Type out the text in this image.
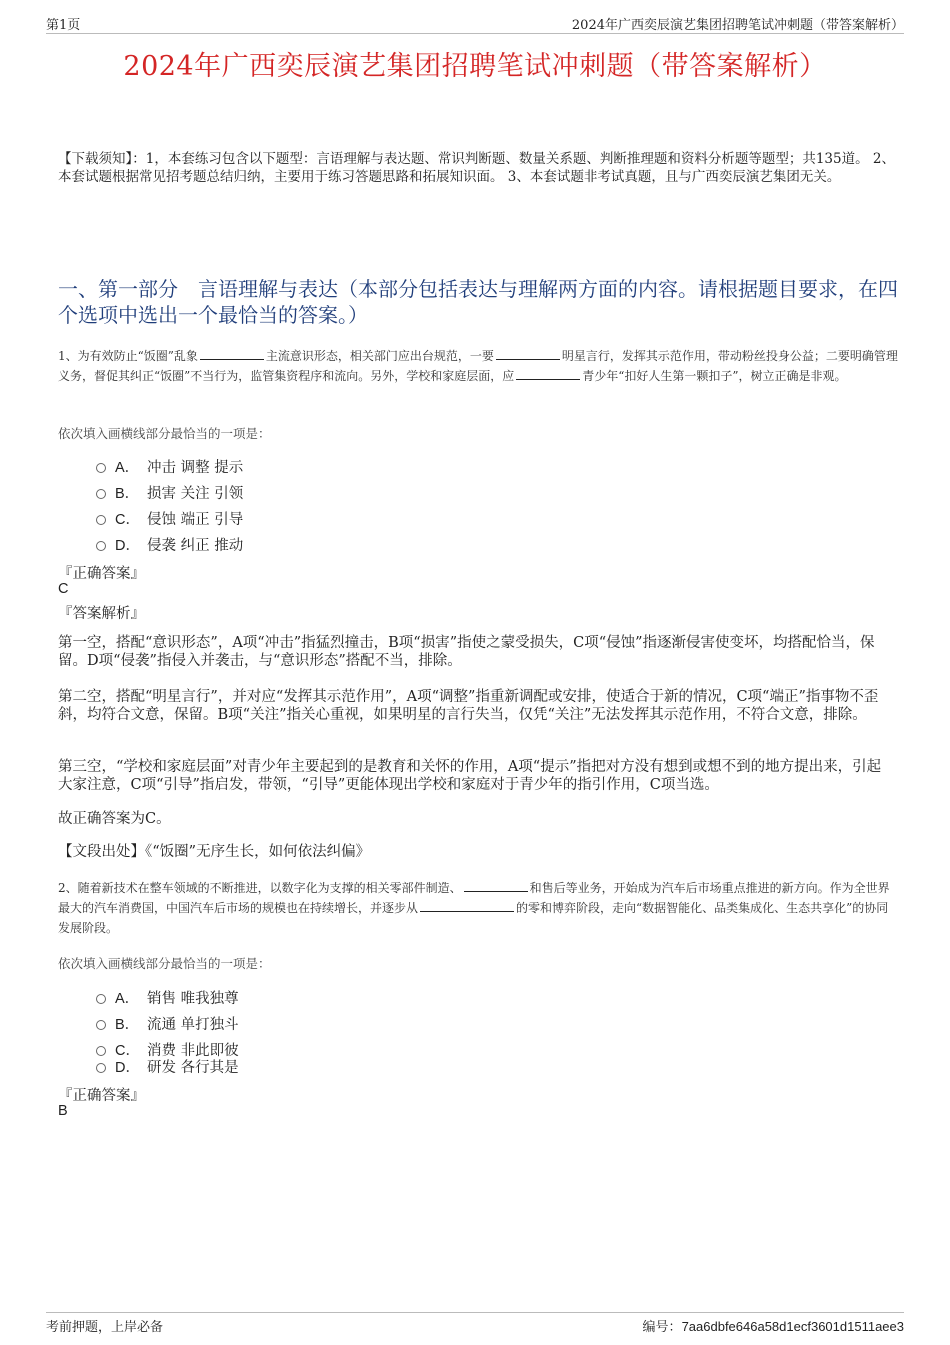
第1页	2024年广西奕辰演艺集团招聘笔试冲刺题（带答案解析）
2024年广西奕辰演艺集团招聘笔试冲刺题（带答案解析）
【下载须知】：1，本套练习包含以下题型：言语理解与表达题、常识判断题、数量关系题、判断推理题和资料分析题等题型；共135道。 2、本套试题根据常见招考题总结归纳，主要用于练习答题思路和拓展知识面。 3、本套试题非考试真题，且与广西奕辰演艺集团无关。
一、第一部分　言语理解与表达（本部分包括表达与理解两方面的内容。请根据题目要求，在四个选项中选出一个最恰当的答案。）
1、为有效防止“饭圈”乱象	主流意识形态，相关部门应出台规范，一要	明星言行，发挥其示范作用，带动粉丝投身公益；二要明确管理义务，督促其纠正“饭圈”不当行为，监管集资程序和流向。另外，学校和家庭层面，应	青少年“扣好人生第一颗扣子”，树立正确是非观。
依次填入画横线部分最恰当的一项是：
A． 冲击 调整 提示
B． 损害 关注 引领
C． 侵蚀 端正 引导
D． 侵袭 纠正 推动
『正确答案』
C
『答案解析』
第一空，搭配“意识形态”，A项“冲击”指猛烈撞击，B项“损害”指使之蒙受损失，C项“侵蚀”指逐渐侵害使变坏，均搭配恰当，保留。D项“侵袭”指侵入并袭击，与“意识形态”搭配不当，排除。
第二空，搭配“明星言行”，并对应“发挥其示范作用”，A项“调整”指重新调配或安排，使适合于新的情况，C项“端正”指事物不歪斜，均符合文意，保留。B项“关注”指关心重视，如果明星的言行失当，仅凭“关注”无法发挥其示范作用，不符合文意，排除。
第三空，“学校和家庭层面”对青少年主要起到的是教育和关怀的作用，A项“提示”指把对方没有想到或想不到的地方提出来，引起大家注意，C项“引导”指启发，带领，“引导”更能体现出学校和家庭对于青少年的指引作用，C项当选。
故正确答案为C。
【文段出处】《“饭圈”无序生长，如何依法纠偏》
2、随着新技术在整车领域的不断推进，以数字化为支撑的相关零部件制造、	和售后等业务，开始成为汽车后市场重点推进的新方向。作为全世界最大的汽车消费国，中国汽车后市场的规模也在持续增长，并逐步从	的零和博弈阶段，走向“数据智能化、品类集成化、生态共享化”的协同发展阶段。
依次填入画横线部分最恰当的一项是：
A． 销售 唯我独尊
B． 流通 单打独斗
C． 消费 非此即彼
D． 研发 各行其是
『正确答案』
B
考前押题，上岸必备	编号：7aa6dbfe646a58d1ecf3601d1511aee3
